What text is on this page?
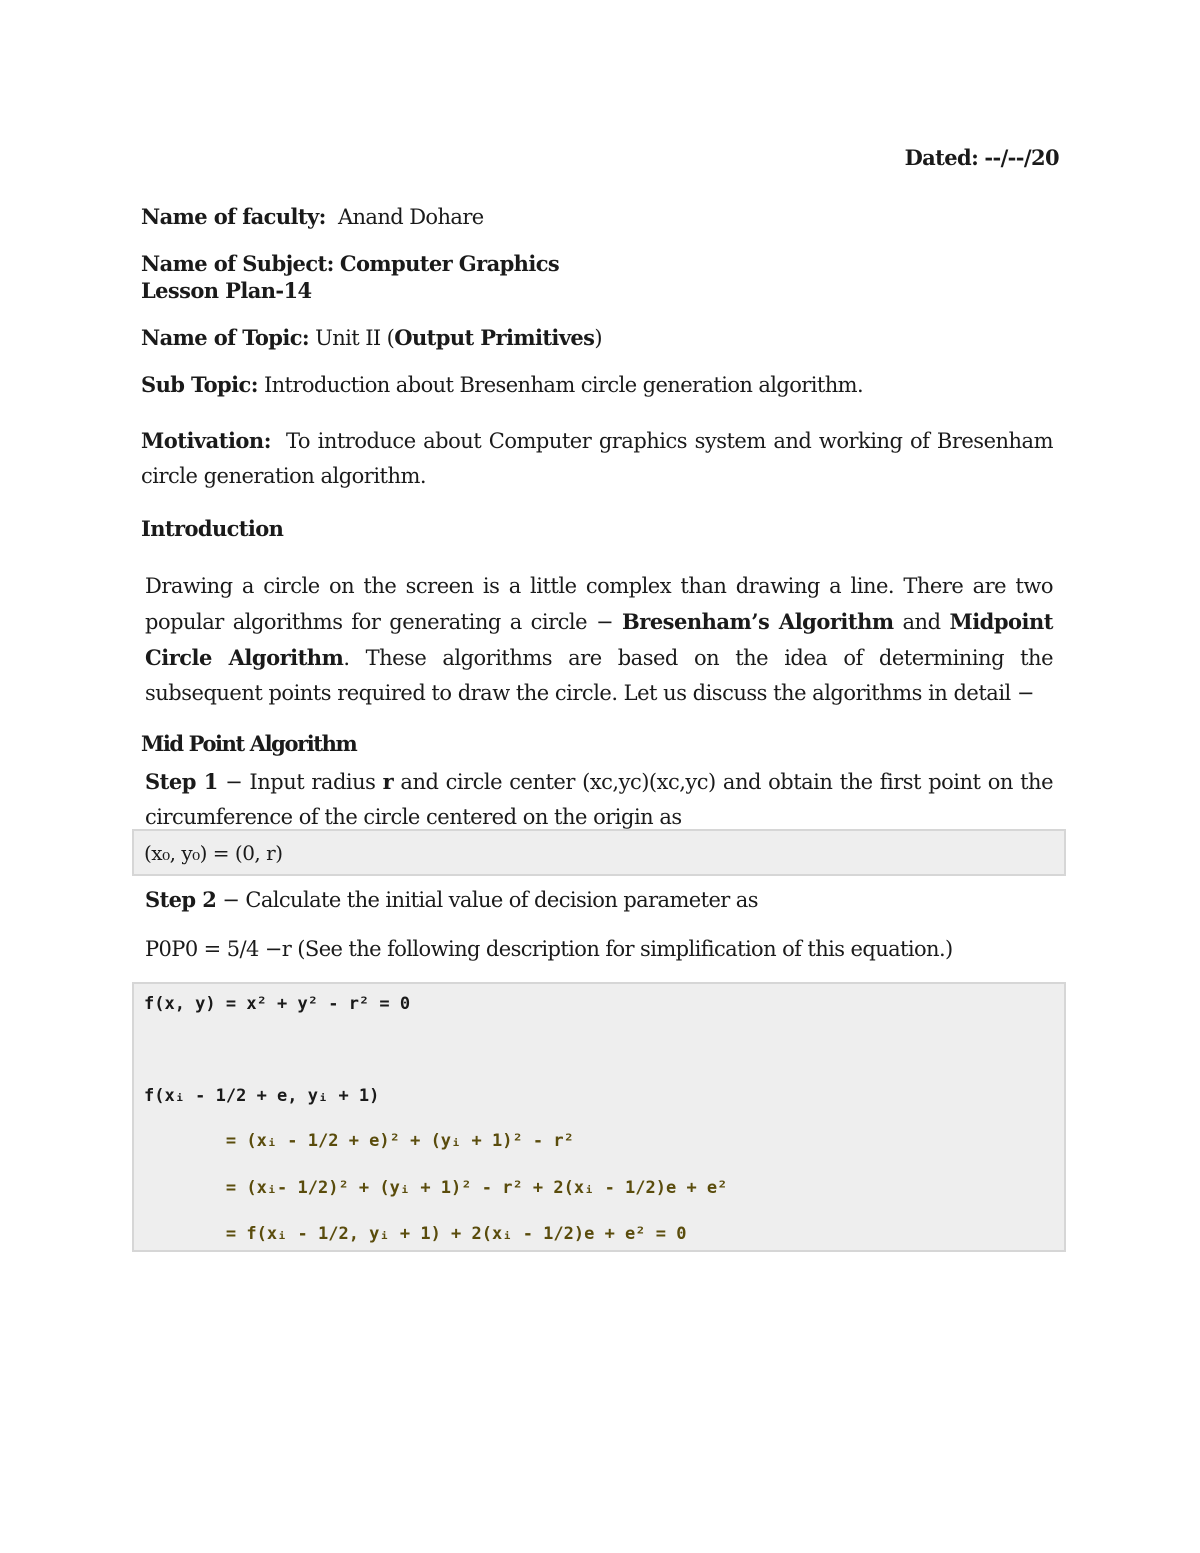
Dated: --/--/20
Name of faculty: Anand Dohare
Name of Subject: Computer Graphics
Lesson Plan-14
Name of Topic: Unit II (Output Primitives)
Sub Topic: Introduction about Bresenham circle generation algorithm.
Motivation: To introduce about Computer graphics system and working of Bresenham circle generation algorithm.
Introduction
Drawing a circle on the screen is a little complex than drawing a line. There are two popular algorithms for generating a circle − Bresenham’s Algorithm and Midpoint Circle Algorithm. These algorithms are based on the idea of determining the subsequent points required to draw the circle. Let us discuss the algorithms in detail −
Mid Point Algorithm
Step 1 − Input radius r and circle center (xc,yc)(xc,yc) and obtain the first point on the circumference of the circle centered on the origin as
(x₀, y₀) = (0, r)
Step 2 − Calculate the initial value of decision parameter as
P0P0 = 5/4 −r (See the following description for simplification of this equation.)
f(x, y) = x² + y² - r² = 0
f(xᵢ - 1/2 + e, yᵢ + 1)
= (xᵢ - 1/2 + e)² + (yᵢ + 1)² - r²
= (xᵢ- 1/2)² + (yᵢ + 1)² - r² + 2(xᵢ - 1/2)e + e²
= f(xᵢ - 1/2, yᵢ + 1) + 2(xᵢ - 1/2)e + e² = 0
